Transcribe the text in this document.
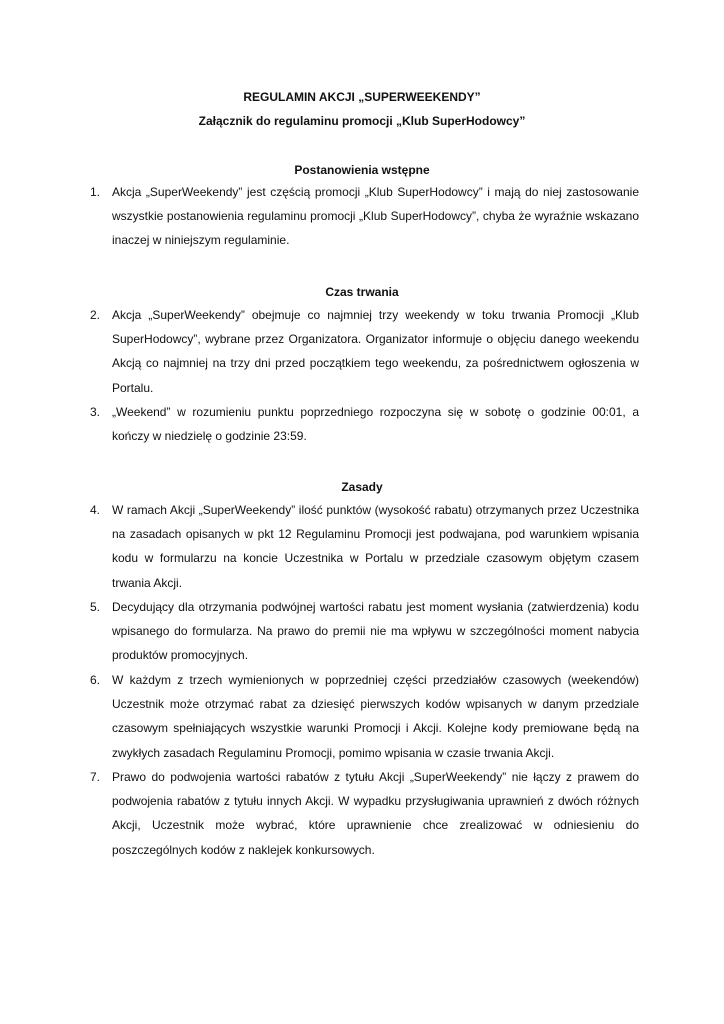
REGULAMIN AKCJI „SUPERWEEKENDY”
Załącznik do regulaminu promocji „Klub SuperHodowcy”
Postanowienia wstępne
1. Akcja „SuperWeekendy” jest częścią promocji „Klub SuperHodowcy” i mają do niej zastosowanie wszystkie postanowienia regulaminu promocji „Klub SuperHodowcy”, chyba że wyraźnie wskazano inaczej w niniejszym regulaminie.
Czas trwania
2. Akcja „SuperWeekendy” obejmuje co najmniej trzy weekendy w toku trwania Promocji „Klub SuperHodowcy”, wybrane przez Organizatora. Organizator informuje o objęciu danego weekendu Akcją co najmniej na trzy dni przed początkiem tego weekendu, za pośrednictwem ogłoszenia w Portalu.
3. „Weekend” w rozumieniu punktu poprzedniego rozpoczyna się w sobotę o godzinie 00:01, a kończy w niedzielę o godzinie 23:59.
Zasady
4. W ramach Akcji „SuperWeekendy” ilość punktów (wysokość rabatu) otrzymanych przez Uczestnika na zasadach opisanych w pkt 12 Regulaminu Promocji jest podwajana, pod warunkiem wpisania kodu w formularzu na koncie Uczestnika w Portalu w przedziale czasowym objętym czasem trwania Akcji.
5. Decydujący dla otrzymania podwójnej wartości rabatu jest moment wysłania (zatwierdzenia) kodu wpisanego do formularza. Na prawo do premii nie ma wpływu w szczególności moment nabycia produktów promocyjnych.
6. W każdym z trzech wymienionych w poprzedniej części przedziałów czasowych (weekendów) Uczestnik może otrzymać rabat za dziesięć pierwszych kodów wpisanych w danym przedziale czasowym spełniających wszystkie warunki Promocji i Akcji. Kolejne kody premiowane będą na zwykłych zasadach Regulaminu Promocji, pomimo wpisania w czasie trwania Akcji.
7. Prawo do podwojenia wartości rabatów z tytułu Akcji „SuperWeekendy” nie łączy z prawem do podwojenia rabatów z tytułu innych Akcji. W wypadku przysługiwania uprawnień z dwóch różnych Akcji, Uczestnik może wybrać, które uprawnienie chce zrealizować w odniesieniu do poszczególnych kodów z naklejek konkursowych.
